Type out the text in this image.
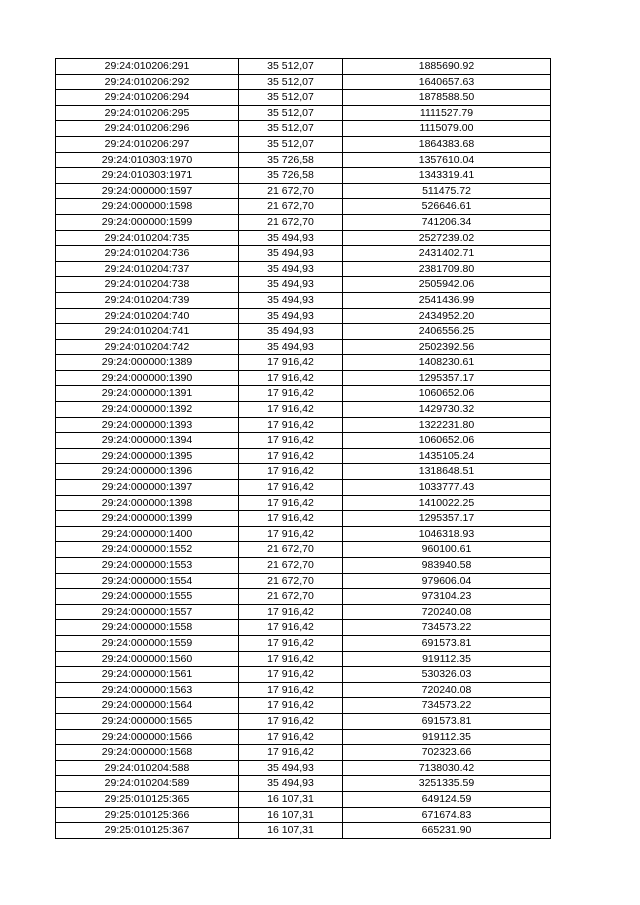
29:24:010206:291	35 512,07	1885690.92
29:24:010206:292	35 512,07	1640657.63
29:24:010206:294	35 512,07	1878588.50
29:24:010206:295	35 512,07	1111527.79
29:24:010206:296	35 512,07	1115079.00
29:24:010206:297	35 512,07	1864383.68
29:24:010303:1970	35 726,58	1357610.04
29:24:010303:1971	35 726,58	1343319.41
29:24:000000:1597	21 672,70	511475.72
29:24:000000:1598	21 672,70	526646.61
29:24:000000:1599	21 672,70	741206.34
29:24:010204:735	35 494,93	2527239.02
29:24:010204:736	35 494,93	2431402.71
29:24:010204:737	35 494,93	2381709.80
29:24:010204:738	35 494,93	2505942.06
29:24:010204:739	35 494,93	2541436.99
29:24:010204:740	35 494,93	2434952.20
29:24:010204:741	35 494,93	2406556.25
29:24:010204:742	35 494,93	2502392.56
29:24:000000:1389	17 916,42	1408230.61
29:24:000000:1390	17 916,42	1295357.17
29:24:000000:1391	17 916,42	1060652.06
29:24:000000:1392	17 916,42	1429730.32
29:24:000000:1393	17 916,42	1322231.80
29:24:000000:1394	17 916,42	1060652.06
29:24:000000:1395	17 916,42	1435105.24
29:24:000000:1396	17 916,42	1318648.51
29:24:000000:1397	17 916,42	1033777.43
29:24:000000:1398	17 916,42	1410022.25
29:24:000000:1399	17 916,42	1295357.17
29:24:000000:1400	17 916,42	1046318.93
29:24:000000:1552	21 672,70	960100.61
29:24:000000:1553	21 672,70	983940.58
29:24:000000:1554	21 672,70	979606.04
29:24:000000:1555	21 672,70	973104.23
29:24:000000:1557	17 916,42	720240.08
29:24:000000:1558	17 916,42	734573.22
29:24:000000:1559	17 916,42	691573.81
29:24:000000:1560	17 916,42	919112.35
29:24:000000:1561	17 916,42	530326.03
29:24:000000:1563	17 916,42	720240.08
29:24:000000:1564	17 916,42	734573.22
29:24:000000:1565	17 916,42	691573.81
29:24:000000:1566	17 916,42	919112.35
29:24:000000:1568	17 916,42	702323.66
29:24:010204:588	35 494,93	7138030.42
29:24:010204:589	35 494,93	3251335.59
29:25:010125:365	16 107,31	649124.59
29:25:010125:366	16 107,31	671674.83
29:25:010125:367	16 107,31	665231.90
